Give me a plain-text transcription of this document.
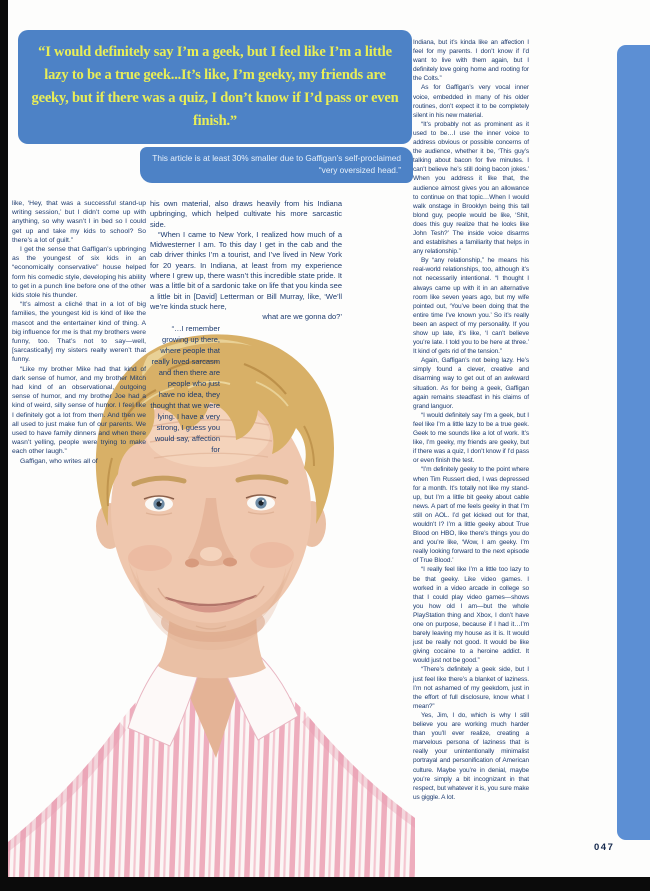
“I would definitely say I’m a geek, but I feel like I’m a little lazy to be a true geek...It’s like, I’m geeky, my friends are geeky, but if there was a quiz, I don’t know if I’d pass or even finish.”
This article is at least 30% smaller due to Gaffigan’s self-proclaimed “very oversized head.”

like, ‘Hey, that was a successful stand-up writing session,’ but I didn’t come up with anything, so why wasn’t I in bed so I could get up and take my kids to school? So there’s a lot of guilt.”

I get the sense that Gaffigan’s upbringing as the youngest of six kids in an “economically conservative” house helped form his comedic style, developing his ability to get in a punch line before one of the other kids stole his thunder.

“It’s almost a cliché that in a lot of big families, the youngest kid is kind of like the mascot and the entertainer kind of thing. A big influence for me is that my brothers were funny, too. That’s not to say—well, [sarcastically] my sisters really weren’t that funny.

“Like my brother Mike had that kind of dark sense of humor, and my brother Mitch had kind of an observational, outgoing sense of humor, and my brother Joe had a kind of weird, silly sense of humor. I feel like I definitely got a lot from them. And then we all used to just make fun of our parents. We used to have family dinners and when there wasn’t yelling, people were trying to make each other laugh.”

Gaffigan, who writes all of

his own material, also draws heavily from his Indiana upbringing, which helped cultivate his more sarcastic side.

“When I came to New York, I realized how much of a Midwesterner I am. To this day I get in the cab and the cab driver thinks I’m a tourist, and I’ve lived in New York for 20 years. In Indiana, at least from my experience where I grew up, there wasn’t this incredible state pride. It was a little bit of a sardonic take on life that you kinda see a little bit in [David] Letterman or Bill Murray, like, ‘We’ll we’re kinda stuck here,

what are we gonna do?’

“…I remember growing up there, where people that really loved sarcasm and then there are people who just have no idea, they thought that we were lying. I have a very strong, I guess you would say, affection for

Indiana, but it’s kinda like an affection I feel for my parents. I don’t know if I’d want to live with them again, but I definitely love going home and rooting for the Colts.”

As for Gaffigan’s very vocal inner voice, embedded in many of his older routines, don’t expect it to be completely silent in his new material.

“It’s probably not as prominent as it used to be…I use the inner voice to address obvious or possible concerns of the audience, whether it be, ‘This guy’s talking about bacon for five minutes. I can’t believe he’s still doing bacon jokes.’ When you address it like that, the audience almost gives you an allowance to continue on that topic…When I would walk onstage in Brooklyn being this tall blond guy, people would be like, ‘Shit, does this guy realize that he looks like John Tesh?’ The inside voice disarms and establishes a familiarity that helps in any relationship.”

By “any relationship,” he means his real-world relationships, too, although it’s not necessarily intentional. “I thought I always came up with it in an alternative room like seven years ago, but my wife pointed out, ‘You’ve been doing that the entire time I’ve known you.’ So it’s really been an aspect of my personality. If you show up late, it’s like, ‘I can’t believe you’re late. I told you to be here at three.’ It kind of gets rid of the tension.”

Again, Gaffigan’s not being lazy. He’s simply found a clever, creative and disarming way to get out of an awkward situation. As for being a geek, Gaffigan again remains steadfast in his claims of grand languor.

“I would definitely say I’m a geek, but I feel like I’m a little lazy to be a true geek. Geek to me sounds like a lot of work. It’s like, I’m geeky, my friends are geeky, but if there was a quiz, I don’t know if I’d pass or even finish the test.

“I’m definitely geeky to the point where when Tim Russert died, I was depressed for a month. It’s totally not like my stand-up, but I’m a little bit geeky about cable news. A part of me feels geeky in that I’m still on AOL. I’d get kicked out for that, wouldn’t I? I’m a little geeky about True Blood on HBO, like there’s things you do and you’re like, ‘Wow, I am geeky. I’m really looking forward to the next episode of True Blood.’

“I really feel like I’m a little too lazy to be that geeky. Like video games. I worked in a video arcade in college so that I could play video games—shows you how old I am—but the whole PlayStation thing and Xbox, I don’t have one on purpose, because if I had it…I’m barely leaving my house as it is. It would just be really not good. It would be like giving cocaine to a heroine addict. It would just not be good.”

“There’s definitely a geek side, but I just feel like there’s a blanket of laziness. I’m not ashamed of my geekdom, just in the effort of full disclosure, know what I mean?”

Yes, Jim, I do, which is why I still believe you are working much harder than you’ll ever realize, creating a marvelous persona of laziness that is really your unintentionally minimalist portrayal and personification of American culture. Maybe you’re in denial, maybe you’re simply a bit incognizant in that respect, but whatever it is, you sure make us giggle. A lot.

047
